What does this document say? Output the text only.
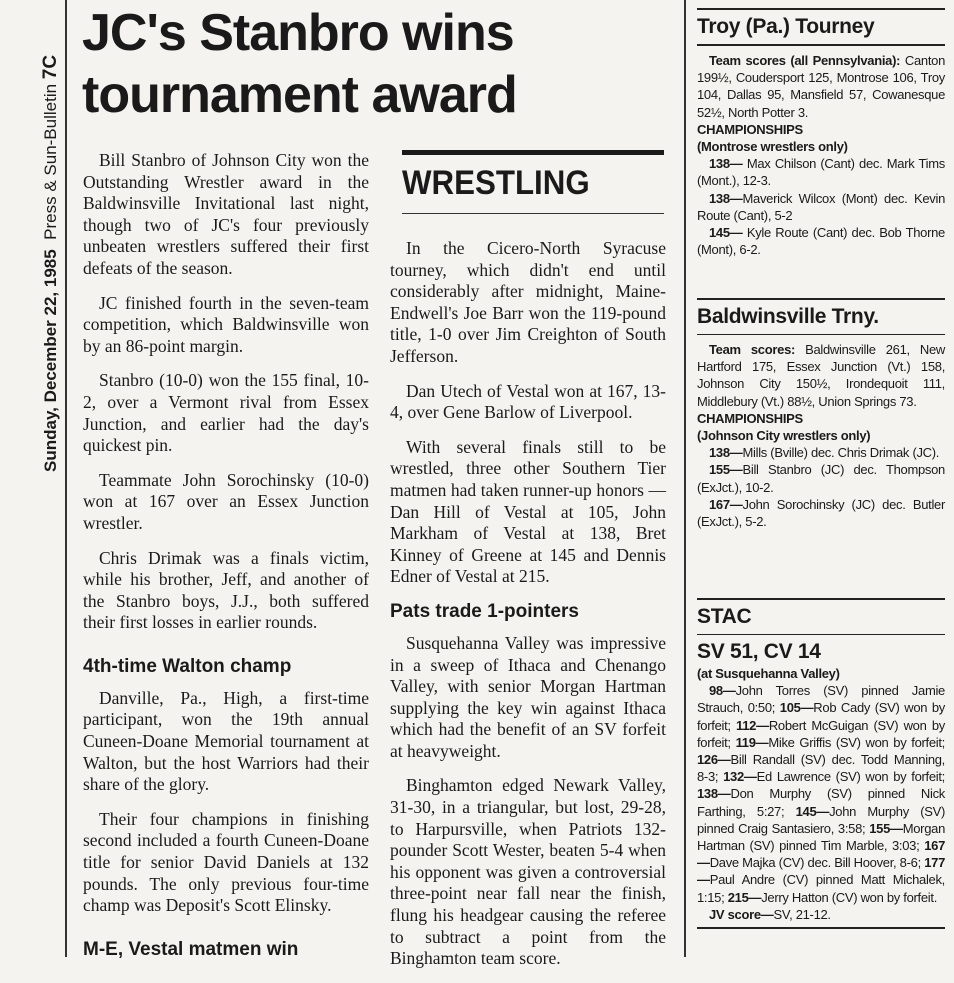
Sunday, December 22, 1985  Press & Sun-Bulletin 7C
JC's Stanbro wins tournament award

Bill Stanbro of Johnson City won the Outstanding Wrestler award in the Baldwinsville Invitational last night, though two of JC's four previously unbeaten wrestlers suffered their first defeats of the season.

JC finished fourth in the seven-team competition, which Baldwinsville won by an 86-point margin.

Stanbro (10-0) won the 155 final, 10-2, over a Vermont rival from Essex Junction, and earlier had the day's quickest pin.

Teammate John Sorochinsky (10-0) won at 167 over an Essex Junction wrestler.

Chris Drimak was a finals victim, while his brother, Jeff, and another of the Stanbro boys, J.J., both suffered their first losses in earlier rounds.

4th-time Walton champ

Danville, Pa., High, a first-time participant, won the 19th annual Cuneen-Doane Memorial tournament at Walton, but the host Warriors had their share of the glory.

Their four champions in finishing second included a fourth Cuneen-Doane title for senior David Daniels at 132 pounds. The only previous four-time champ was Deposit's Scott Elinsky.

M-E, Vestal matmen win
WRESTLING

In the Cicero-North Syracuse tourney, which didn't end until considerably after midnight, Maine-Endwell's Joe Barr won the 119-pound title, 1-0 over Jim Creighton of South Jefferson.

Dan Utech of Vestal won at 167, 13-4, over Gene Barlow of Liverpool.

With several finals still to be wrestled, three other Southern Tier matmen had taken runner-up honors — Dan Hill of Vestal at 105, John Markham of Vestal at 138, Bret Kinney of Greene at 145 and Dennis Edner of Vestal at 215.

Pats trade 1-pointers

Susquehanna Valley was impressive in a sweep of Ithaca and Chenango Valley, with senior Morgan Hartman supplying the key win against Ithaca which had the benefit of an SV forfeit at heavyweight.

Binghamton edged Newark Valley, 31-30, in a triangular, but lost, 29-28, to Harpursville, when Patriots 132-pounder Scott Wester, beaten 5-4 when his opponent was given a controversial three-point near fall near the finish, flung his headgear causing the referee to subtract a point from the Binghamton team score.

Troy (Pa.) Tourney

Team scores (all Pennsylvania): Canton 199½, Coudersport 125, Montrose 106, Troy 104, Dallas 95, Mansfield 57, Cowanesque 52½, North Potter 3.

CHAMPIONSHIPS

(Montrose wrestlers only)

138— Max Chilson (Cant) dec. Mark Tims (Mont.), 12-3.

138—Maverick Wilcox (Mont) dec. Kevin Route (Cant), 5-2

145— Kyle Route (Cant) dec. Bob Thorne (Mont), 6-2.

Baldwinsville Trny.

Team scores: Baldwinsville 261, New Hartford 175, Essex Junction (Vt.) 158, Johnson City 150½, Irondequoit 111, Middlebury (Vt.) 88½, Union Springs 73.

CHAMPIONSHIPS

(Johnson City wrestlers only)

138—Mills (Bville) dec. Chris Drimak (JC).

155—Bill Stanbro (JC) dec. Thompson (ExJct.), 10-2.

167—John Sorochinsky (JC) dec. Butler (ExJct.), 5-2.

STAC
SV 51, CV 14

(at Susquehanna Valley)

98—John Torres (SV) pinned Jamie Strauch, 0:50; 105—Rob Cady (SV) won by forfeit; 112—Robert McGuigan (SV) won by forfeit; 119—Mike Griffis (SV) won by forfeit; 126—Bill Randall (SV) dec. Todd Manning, 8-3; 132—Ed Lawrence (SV) won by forfeit; 138—Don Murphy (SV) pinned Nick Farthing, 5:27; 145—John Murphy (SV) pinned Craig Santasiero, 3:58; 155—Morgan Hartman (SV) pinned Tim Marble, 3:03; 167—Dave Majka (CV) dec. Bill Hoover, 8-6; 177—Paul Andre (CV) pinned Matt Michalek, 1:15; 215—Jerry Hatton (CV) won by forfeit.

JV score—SV, 21-12.
